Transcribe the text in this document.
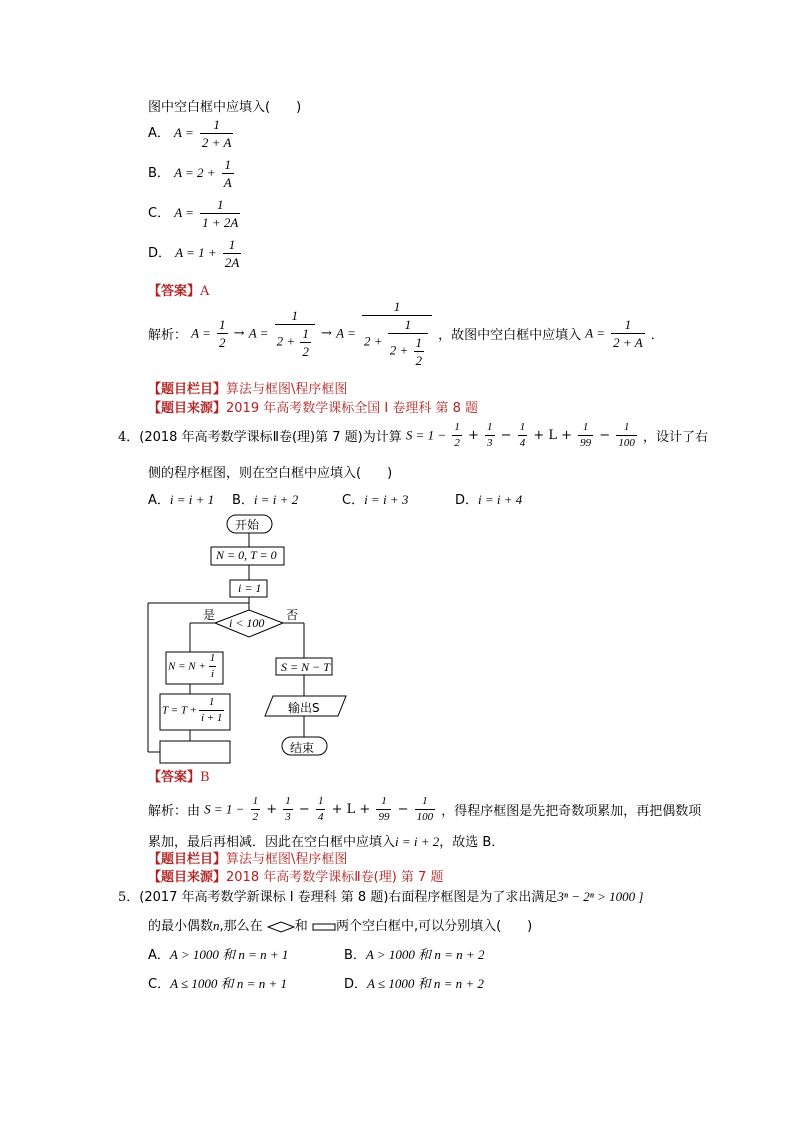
图中空白框中应填入(　　)
A． $A = \frac{1}{2 + A}$
B． $A = 2 + \frac{1}{A}$
C． $A = \frac{1}{1 + 2A}$
D． $A = 1 + \frac{1}{2A}$
【答案】A
解析： $A = \frac{1}{2} \to A = \frac{1}{2 + \frac{1}{2}} \to A = \frac{1}{2 + \frac{1}{2 + \frac{1}{2}}}$ ，故图中空白框中应填入 $A = \frac{1}{2 + A}$ ．
【题目栏目】算法与框图\程序框图
【题目来源】2019 年高考数学课标全国 I 卷理科 第 8 题
4．(2018 年高考数学课标Ⅱ卷(理)第 7 题)为计算 $S = 1 - \frac{1}{2} + \frac{1}{3} - \frac{1}{4} + L + \frac{1}{99} - \frac{1}{100}$ ，设计了右
侧的程序框图，则在空白框中应填入(　　)
A．i = i + 1 B．i = i + 2	C．i = i + 3	D．i = i + 4
开始
N = 0, T = 0
i = 1
i < 100
是	否
$N = N + \frac{1}{i}$
$T = T + \frac{1}{i + 1}$
S = N − T
输出S
结束
【答案】B
解析：由 $S = 1 - \frac{1}{2} + \frac{1}{3} - \frac{1}{4} + L + \frac{1}{99} - \frac{1}{100}$ ，得程序框图是先把奇数项累加，再把偶数项
累加，最后再相减．因此在空白框中应填入i = i + 2，故选 B．
【题目栏目】算法与框图\程序框图
【题目来源】2018 年高考数学课标Ⅱ卷(理) 第 7 题
5．(2017 年高考数学新课标 I 卷理科 第 8 题)右面程序框图是为了求出满足3ⁿ − 2ⁿ > 1000 ]
的最小偶数n,那么在 和 两个空白框中,可以分别填入(　　)
A．A > 1000 和 n = n + 1	B．A > 1000 和 n = n + 2
C．A ≤ 1000 和 n = n + 1	D．A ≤ 1000 和 n = n + 2
